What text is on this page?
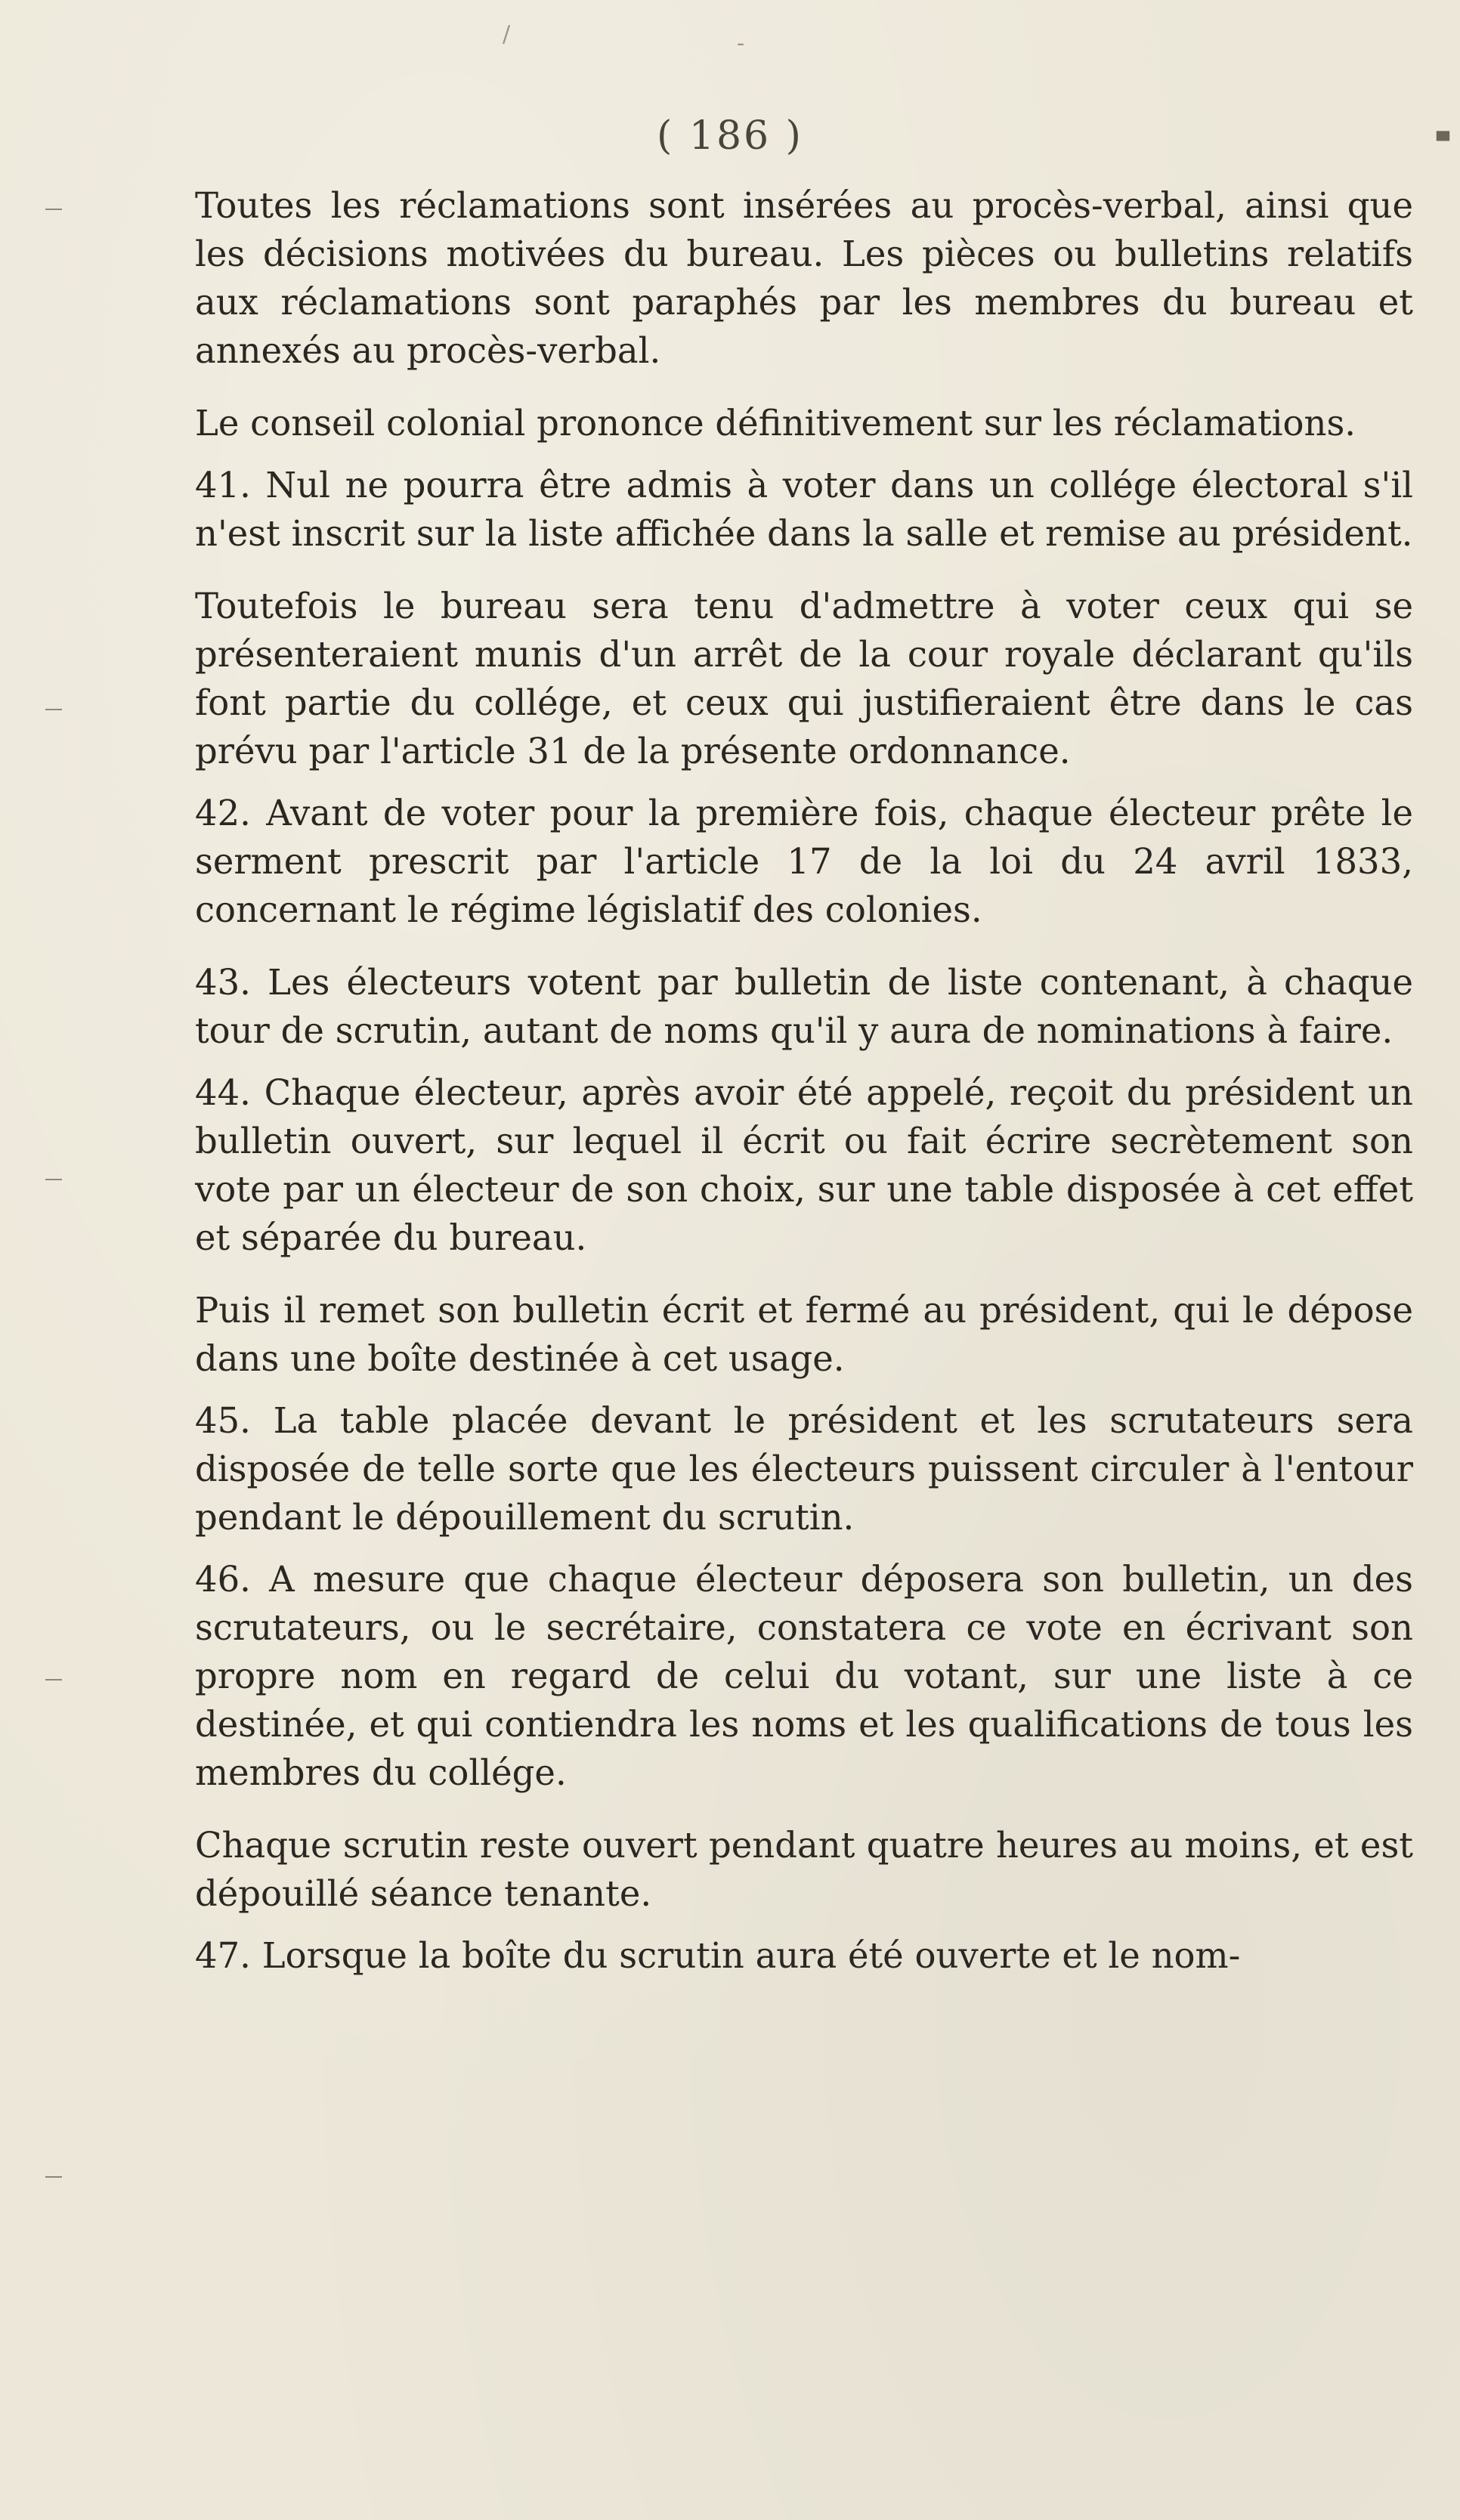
/	-
▀
( 186 )

Toutes les réclamations sont insérées au procès-verbal, ainsi que les décisions motivées du bureau. Les pièces ou bulletins relatifs aux réclamations sont paraphés par les membres du bureau et annexés au procès-verbal.

Le conseil colonial prononce définitivement sur les réclamations.

41. Nul ne pourra être admis à voter dans un collége électoral s'il n'est inscrit sur la liste affichée dans la salle et remise au président.

Toutefois le bureau sera tenu d'admettre à voter ceux qui se présenteraient munis d'un arrêt de la cour royale déclarant qu'ils font partie du collége, et ceux qui justifieraient être dans le cas prévu par l'article 31 de la présente ordonnance.

42. Avant de voter pour la première fois, chaque électeur prête le serment prescrit par l'article 17 de la loi du 24 avril 1833, concernant le régime législatif des colonies.

43. Les électeurs votent par bulletin de liste contenant, à chaque tour de scrutin, autant de noms qu'il y aura de nominations à faire.

44. Chaque électeur, après avoir été appelé, reçoit du président un bulletin ouvert, sur lequel il écrit ou fait écrire secrètement son vote par un électeur de son choix, sur une table disposée à cet effet et séparée du bureau.

Puis il remet son bulletin écrit et fermé au président, qui le dépose dans une boîte destinée à cet usage.

45. La table placée devant le président et les scrutateurs sera disposée de telle sorte que les électeurs puissent circuler à l'entour pendant le dépouillement du scrutin.

46. A mesure que chaque électeur déposera son bulletin, un des scrutateurs, ou le secrétaire, constatera ce vote en écrivant son propre nom en regard de celui du votant, sur une liste à ce destinée, et qui contiendra les noms et les qualifications de tous les membres du collége.

Chaque scrutin reste ouvert pendant quatre heures au moins, et est dépouillé séance tenante.

47. Lorsque la boîte du scrutin aura été ouverte et le nom-
